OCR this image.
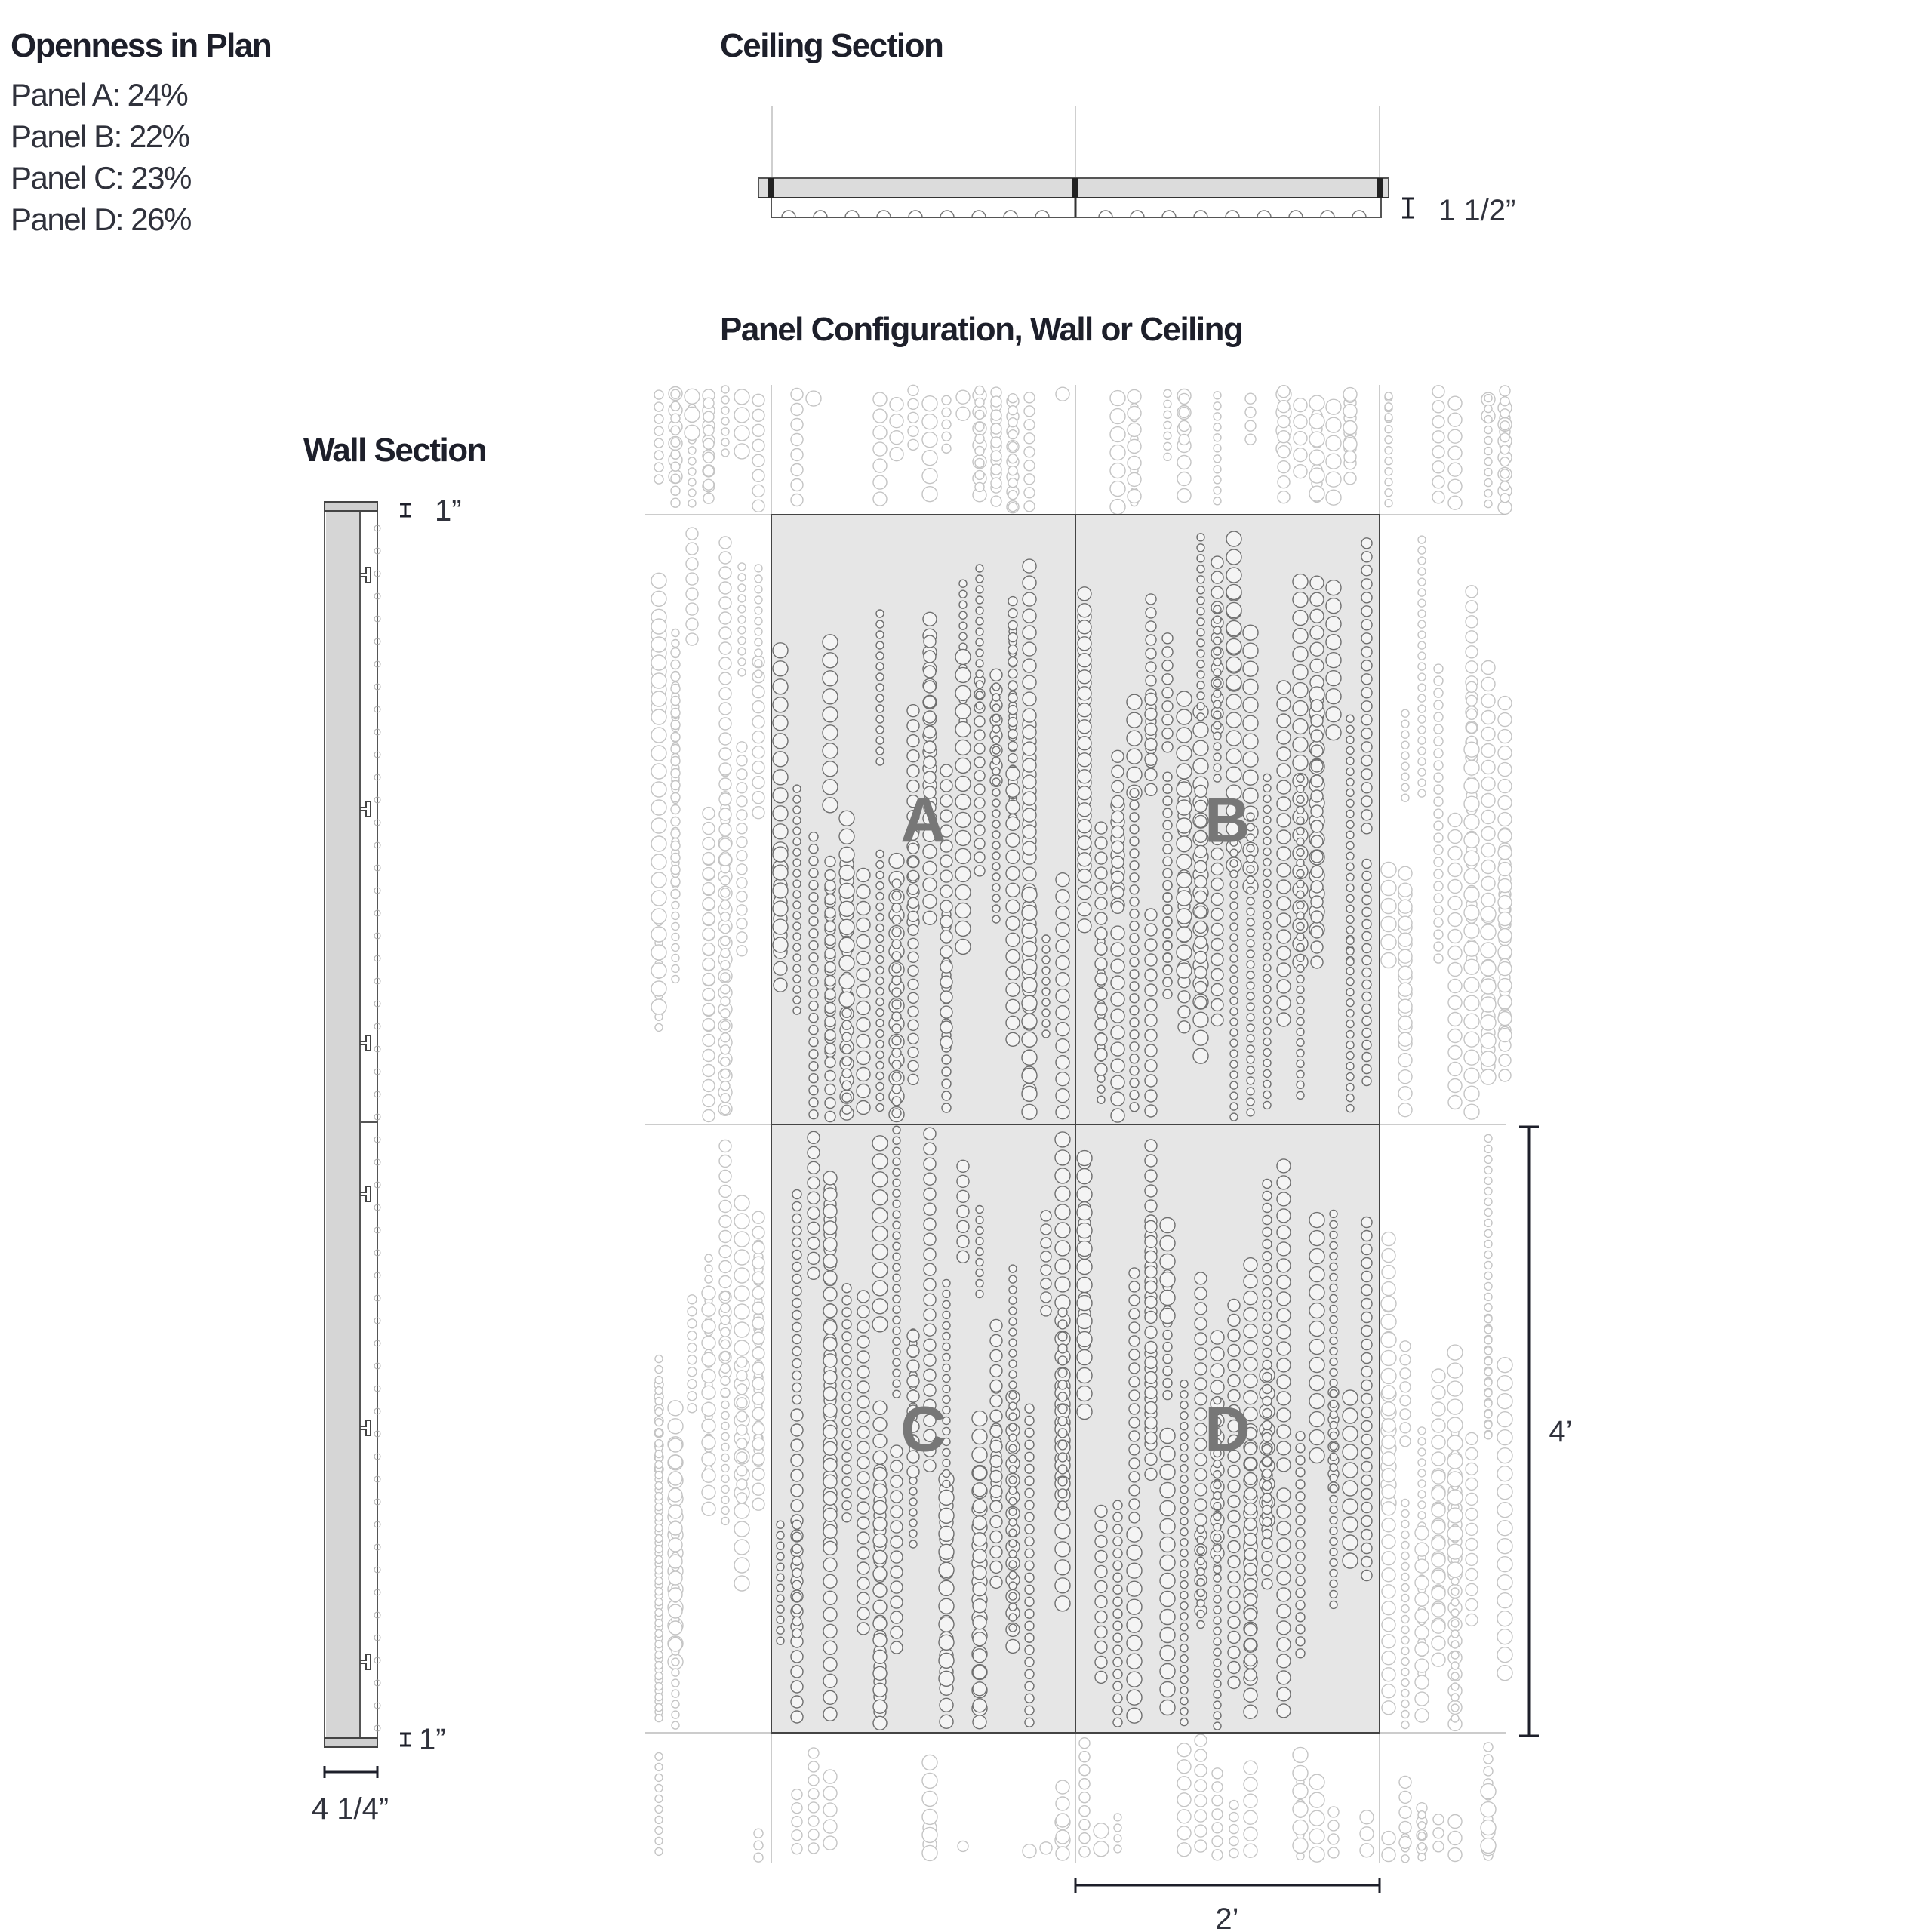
Openness in Plan
Panel A: 24%
Panel B: 22%
Panel C: 23%
Panel D: 26%
Ceiling Section
Panel Configuration, Wall or Ceiling
Wall Section
A	B
C	D
1 1/2”
1”
1”
4 1/4”
4’
2’
